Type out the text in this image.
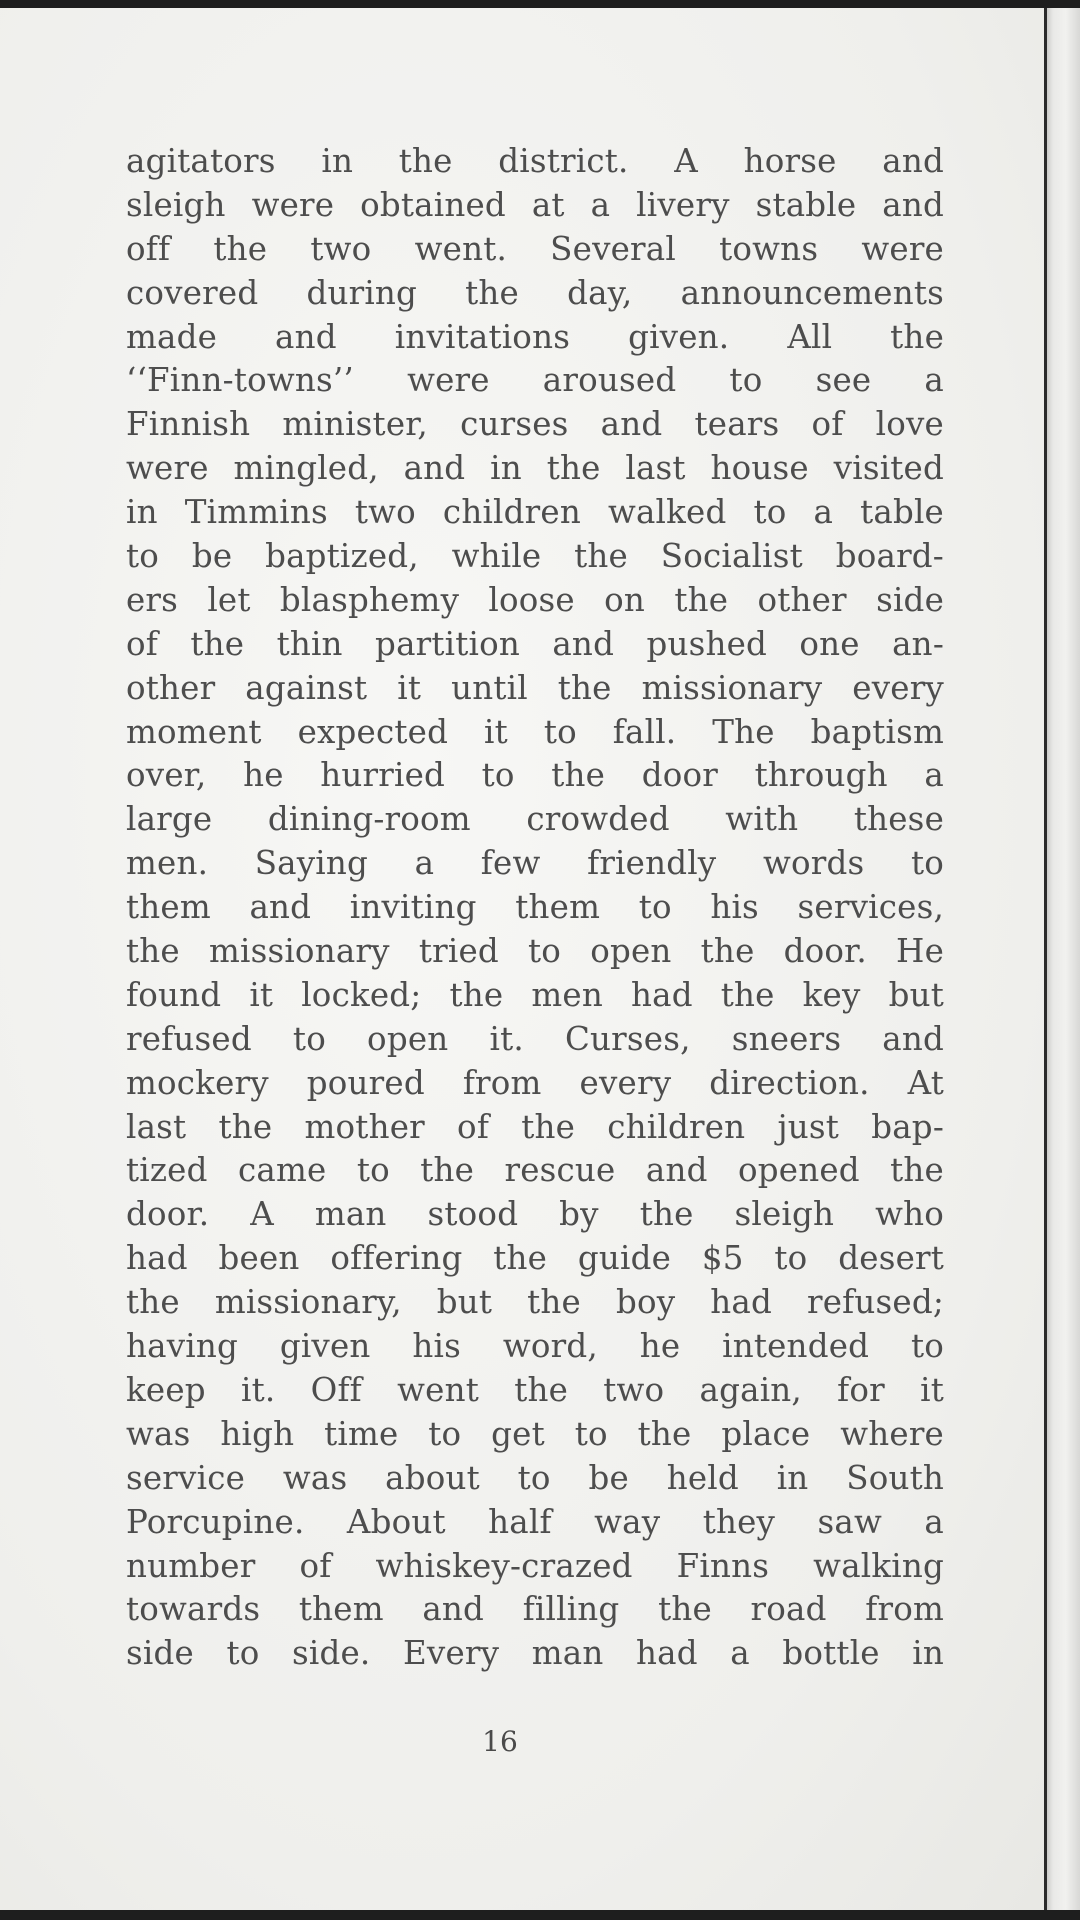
agitators in the district. A horse and
sleigh were obtained at a livery stable and
off the two went. Several towns were
covered during the day, announcements
made and invitations given. All the
‘‘Finn-towns’’ were aroused to see a
Finnish minister, curses and tears of love
were mingled, and in the last house visited
in Timmins two children walked to a table
to be baptized, while the Socialist board-
ers let blasphemy loose on the other side
of the thin partition and pushed one an-
other against it until the missionary every
moment expected it to fall. The baptism
over, he hurried to the door through a
large dining-room crowded with these
men. Saying a few friendly words to
them and inviting them to his services,
the missionary tried to open the door. He
found it locked; the men had the key but
refused to open it. Curses, sneers and
mockery poured from every direction. At
last the mother of the children just bap-
tized came to the rescue and opened the
door. A man stood by the sleigh who
had been offering the guide $5 to desert
the missionary, but the boy had refused;
having given his word, he intended to
keep it. Off went the two again, for it
was high time to get to the place where
service was about to be held in South
Porcupine. About half way they saw a
number of whiskey-crazed Finns walking
towards them and filling the road from
side to side. Every man had a bottle in
16
